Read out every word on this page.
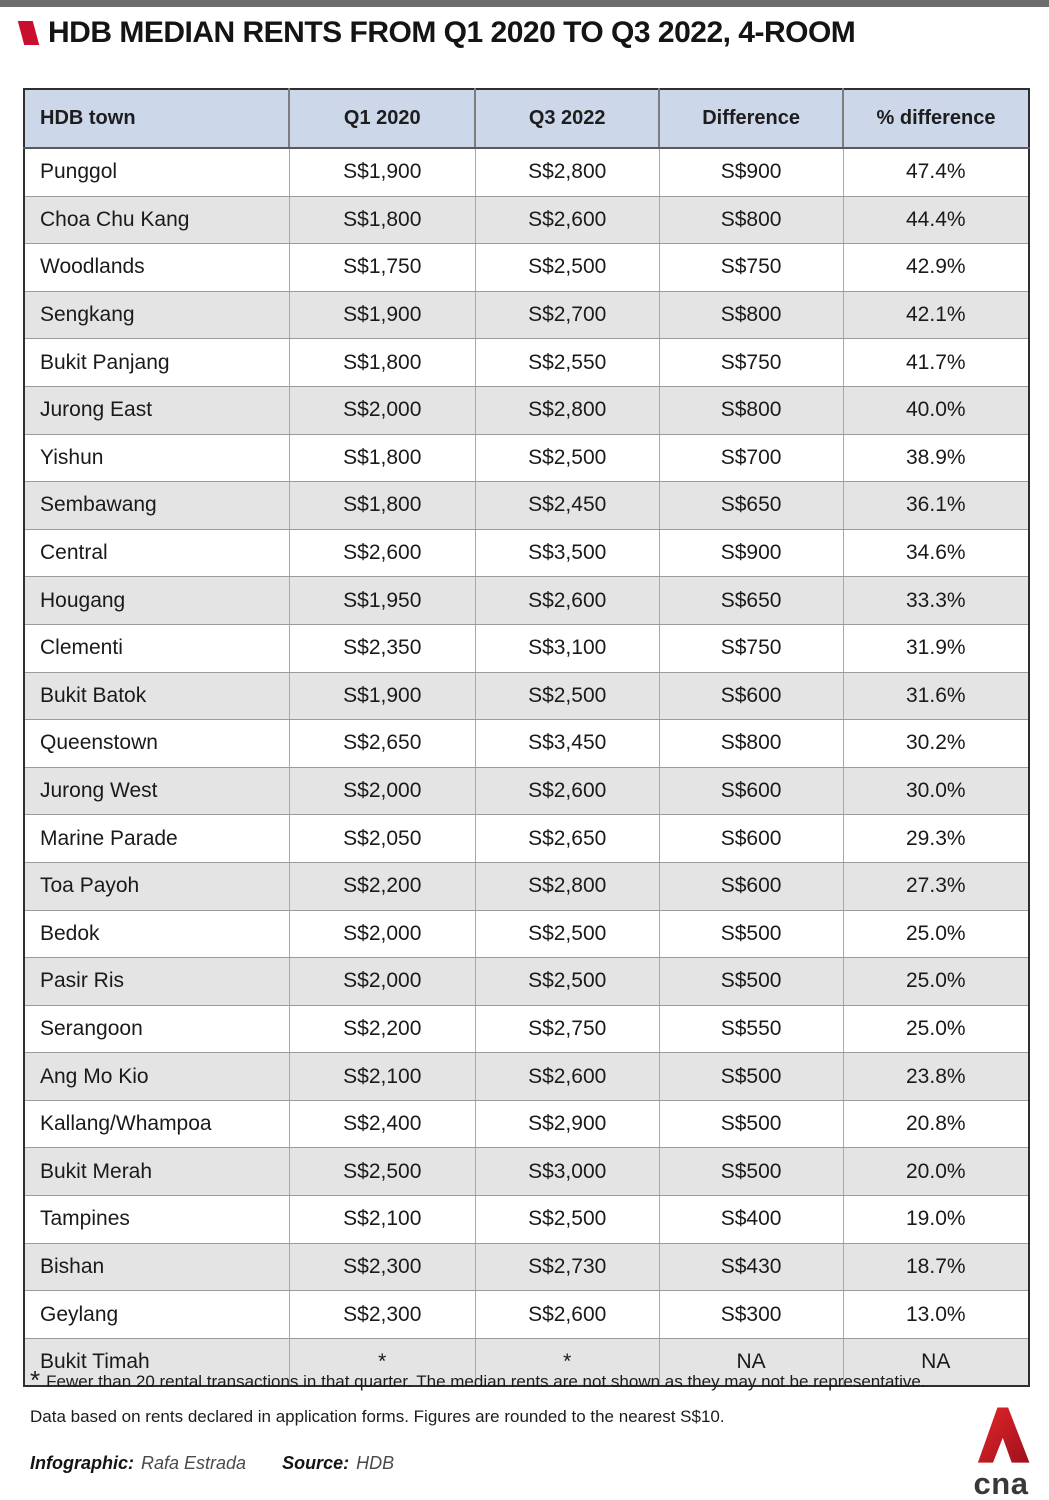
HDB MEDIAN RENTS FROM Q1 2020 TO Q3 2022, 4-ROOM
HDB town	Q1 2020	Q3 2022	Difference	% difference
Punggol	S$1,900	S$2,800	S$900	47.4%
Choa Chu Kang	S$1,800	S$2,600	S$800	44.4%
Woodlands	S$1,750	S$2,500	S$750	42.9%
Sengkang	S$1,900	S$2,700	S$800	42.1%
Bukit Panjang	S$1,800	S$2,550	S$750	41.7%
Jurong East	S$2,000	S$2,800	S$800	40.0%
Yishun	S$1,800	S$2,500	S$700	38.9%
Sembawang	S$1,800	S$2,450	S$650	36.1%
Central	S$2,600	S$3,500	S$900	34.6%
Hougang	S$1,950	S$2,600	S$650	33.3%
Clementi	S$2,350	S$3,100	S$750	31.9%
Bukit Batok	S$1,900	S$2,500	S$600	31.6%
Queenstown	S$2,650	S$3,450	S$800	30.2%
Jurong West	S$2,000	S$2,600	S$600	30.0%
Marine Parade	S$2,050	S$2,650	S$600	29.3%
Toa Payoh	S$2,200	S$2,800	S$600	27.3%
Bedok	S$2,000	S$2,500	S$500	25.0%
Pasir Ris	S$2,000	S$2,500	S$500	25.0%
Serangoon	S$2,200	S$2,750	S$550	25.0%
Ang Mo Kio	S$2,100	S$2,600	S$500	23.8%
Kallang/Whampoa	S$2,400	S$2,900	S$500	20.8%
Bukit Merah	S$2,500	S$3,000	S$500	20.0%
Tampines	S$2,100	S$2,500	S$400	19.0%
Bishan	S$2,300	S$2,730	S$430	18.7%
Geylang	S$2,300	S$2,600	S$300	13.0%
Bukit Timah	*	*	NA	NA
* Fewer than 20 rental transactions in that quarter. The median rents are not shown as they may not be representative.
Data based on rents declared in application forms. Figures are rounded to the nearest S$10.
Infographic: Rafa Estrada Source: HDB
cna
